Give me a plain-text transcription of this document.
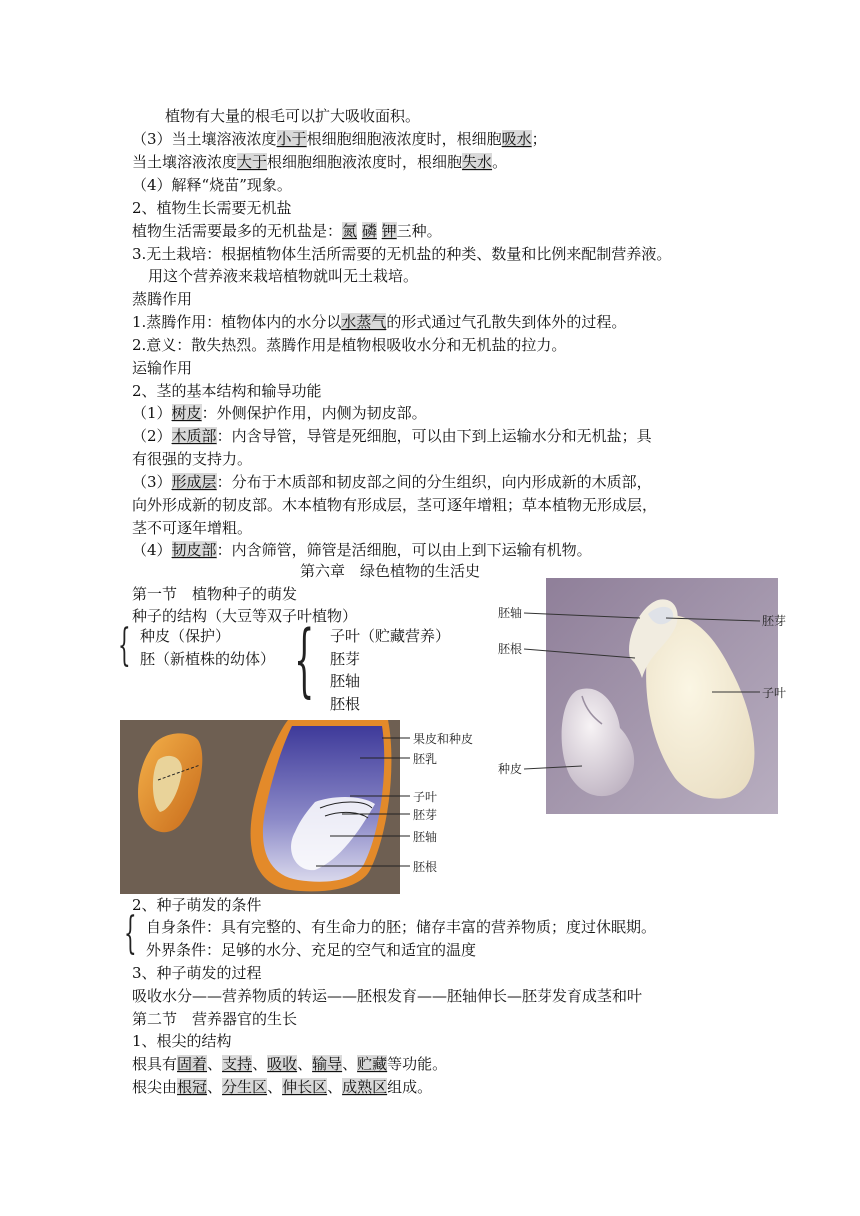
植物有大量的根毛可以扩大吸收面积。
（3）当土壤溶液浓度小于根细胞细胞液浓度时，根细胞吸水；
当土壤溶液浓度大于根细胞细胞液浓度时，根细胞失水。
（4）解释“烧苗”现象。
2、植物生长需要无机盐
植物生活需要最多的无机盐是：氮 磷 钾三种。
3.无土栽培：根据植物体生活所需要的无机盐的种类、数量和比例来配制营养液。
用这个营养液来栽培植物就叫无土栽培。
蒸腾作用
1.蒸腾作用：植物体内的水分以水蒸气的形式通过气孔散失到体外的过程。
2.意义：散失热烈。蒸腾作用是植物根吸收水分和无机盐的拉力。
运输作用
2、茎的基本结构和输导功能
（1）树皮：外侧保护作用，内侧为韧皮部。
（2）木质部：内含导管，导管是死细胞，可以由下到上运输水分和无机盐；具
有很强的支持力。
（3）形成层：分布于木质部和韧皮部之间的分生组织，向内形成新的木质部，
向外形成新的韧皮部。木本植物有形成层，茎可逐年增粗；草本植物无形成层，
茎不可逐年增粗。
（4）韧皮部：内含筛管，筛管是活细胞，可以由上到下运输有机物。
第六章　绿色植物的生活史
第一节　植物种子的萌发
种子的结构（大豆等双子叶植物）
{ 种皮（保护）
胚（新植株的幼体） { 子叶（贮藏营养）
胚芽
胚轴
胚根
胚轴
胚根
种皮
胚芽
子叶
果皮和种皮
胚乳
子叶
胚芽
胚轴
胚根
2、种子萌发的条件
{ 自身条件：具有完整的、有生命力的胚；储存丰富的营养物质；度过休眠期。
外界条件：足够的水分、充足的空气和适宜的温度
3、种子萌发的过程
吸收水分——营养物质的转运——胚根发育——胚轴伸长—胚芽发育成茎和叶
第二节　营养器官的生长
1、根尖的结构
根具有固着、支持、吸收、输导、贮藏等功能。
根尖由根冠、分生区、伸长区、成熟区组成。
